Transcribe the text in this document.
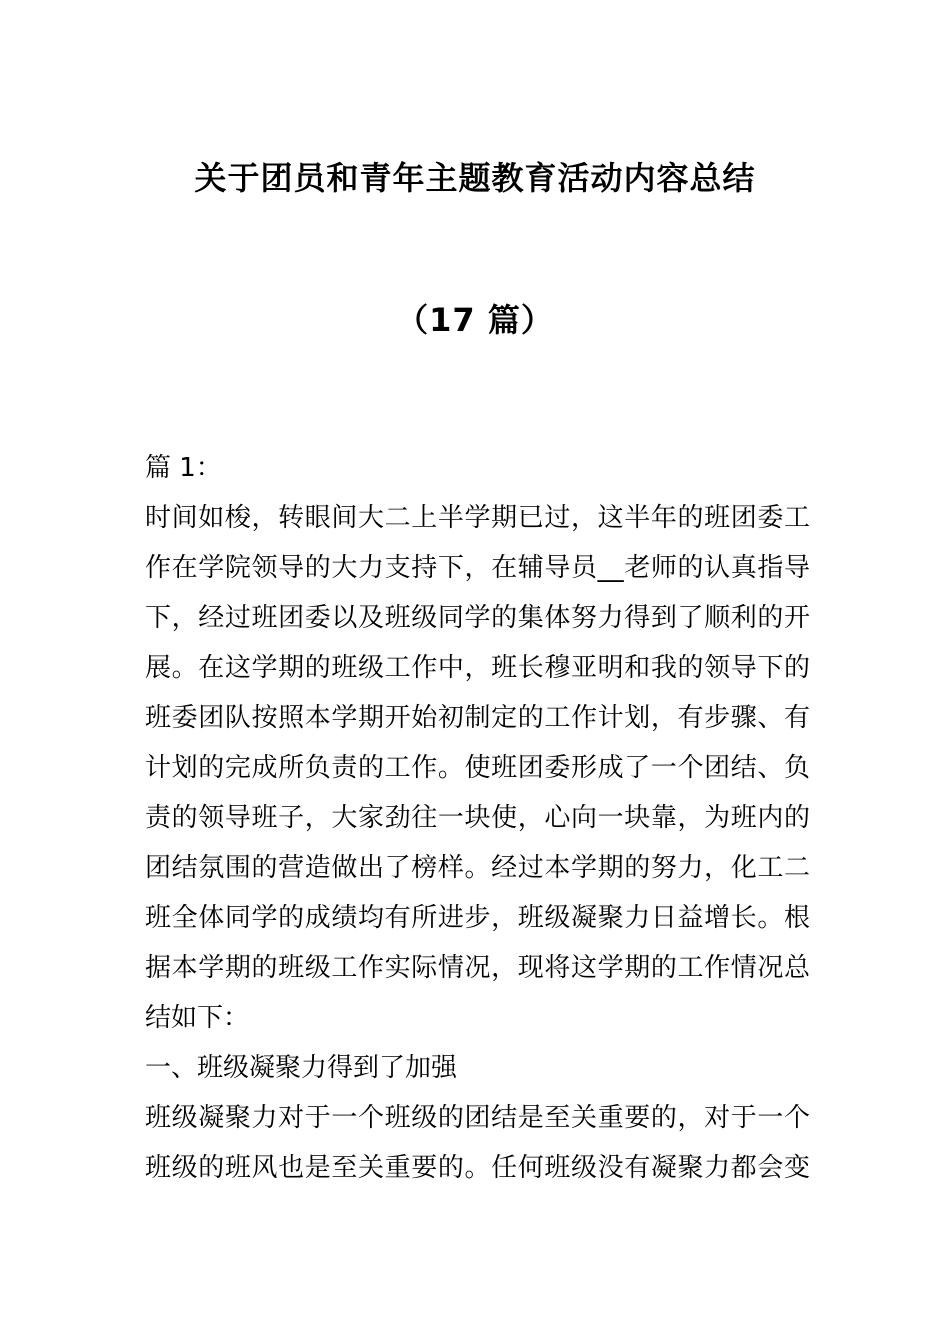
关于团员和青年主题教育活动内容总结
（17 篇）
篇 1：
时间如梭，转眼间大二上半学期已过，这半年的班团委工
作在学院领导的大力支持下，在辅导员__老师的认真指导
下，经过班团委以及班级同学的集体努力得到了顺利的开
展。在这学期的班级工作中，班长穆亚明和我的领导下的
班委团队按照本学期开始初制定的工作计划，有步骤、有
计划的完成所负责的工作。使班团委形成了一个团结、负
责的领导班子，大家劲往一块使，心向一块靠，为班内的
团结氛围的营造做出了榜样。经过本学期的努力，化工二
班全体同学的成绩均有所进步，班级凝聚力日益增长。根
据本学期的班级工作实际情况，现将这学期的工作情况总
结如下：
一、班级凝聚力得到了加强
班级凝聚力对于一个班级的团结是至关重要的，对于一个
班级的班风也是至关重要的。任何班级没有凝聚力都会变
